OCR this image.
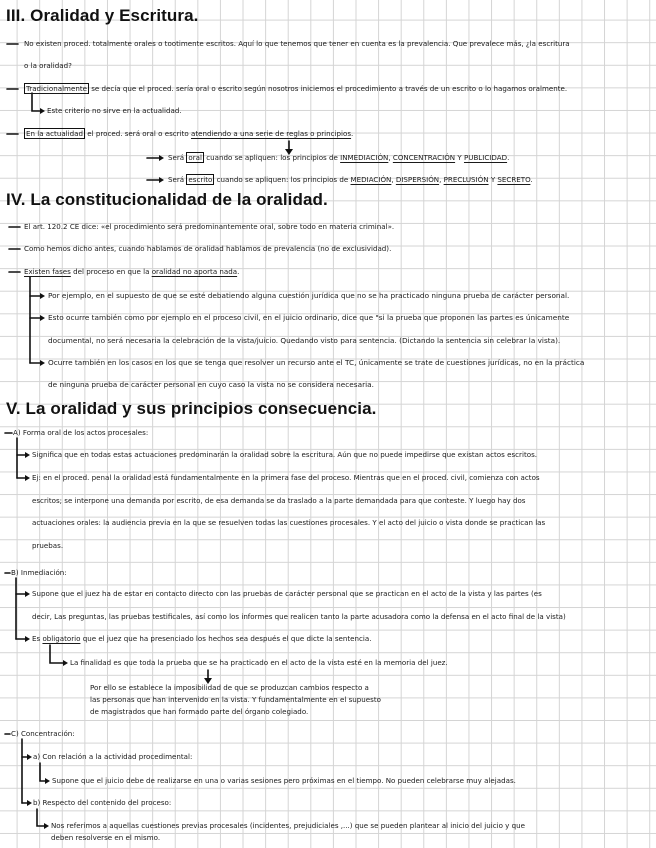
III. Oralidad y Escritura.
No existen proced. totalmente orales o tootimente escritos. Aquí lo que tenemos que tener en cuenta es la prevalencia. Que prevalece más, ¿la escritura
o la oralidad?
Tradicionalmente se decía que el proced. sería oral o escrito según nosotros iniciemos el procedimiento a través de un escrito o lo hagamos oralmente.
Este criterio no sirve en la actualidad.
En la actualidad el proced. será oral o escrito atendiendo a una serie de reglas o principios.
Será oral cuando se apliquen: los principios de INMEDIACIÓN, CONCENTRACIÓN Y PUBLICIDAD.
Será escrito cuando se apliquen: los principios de MEDIACIÓN, DISPERSIÓN, PRECLUSIÓN Y SECRETO.
IV. La constitucionalidad de la oralidad.
El art. 120.2 CE dice: «el procedimiento será predominantemente oral, sobre todo en materia criminal».
Como hemos dicho antes, cuando hablamos de oralidad hablamos de prevalencia (no de exclusividad).
Existen fases del proceso en que la oralidad no aporta nada.
Por ejemplo, en el supuesto de que se esté debatiendo alguna cuestión jurídica que no se ha practicado ninguna prueba de carácter personal.
Esto ocurre también como por ejemplo en el proceso civil, en el juicio ordinario, dice que "si la prueba que proponen las partes es únicamente
documental, no será necesaria la celebración de la vista/juicio. Quedando visto para sentencia. (Dictando la sentencia sin celebrar la vista).
Ocurre también en los casos en los que se tenga que resolver un recurso ante el TC, únicamente se trate de cuestiones jurídicas, no en la práctica
de ninguna prueba de carácter personal en cuyo caso la vista no se considera necesaria.
V. La oralidad y sus principios consecuencia.
A) Forma oral de los actos procesales:
Significa que en todas estas actuaciones predominarán la oralidad sobre la escritura. Aún que no puede impedirse que existan actos escritos.
Ej: en el proced. penal la oralidad está fundamentalmente en la primera fase del proceso. Mientras que en el proced. civil, comienza con actos
escritos; se interpone una demanda por escrito, de esa demanda se da traslado a la parte demandada para que conteste. Y luego hay dos
actuaciones orales: la audiencia previa en la que se resuelven todas las cuestiones procesales. Y el acto del juicio o vista donde se practican las
pruebas.
B) Inmediación:
Supone que el juez ha de estar en contacto directo con las pruebas de carácter personal que se practican en el acto de la vista y las partes (es
decir, Las preguntas, las pruebas testificales, así como los informes que realicen tanto la parte acusadora como la defensa en el acto final de la vista)
Es obligatorio que el juez que ha presenciado los hechos sea después el que dicte la sentencia.
La finalidad es que toda la prueba que se ha practicado en el acto de la vista esté en la memoria del juez.
Por ello se establece la imposibilidad de que se produzcan cambios respecto a
las personas que han intervenido en la vista. Y fundamentalmente en el supuesto
de magistrados que han formado parte del órgano colegiado.
C) Concentración:
a) Con relación a la actividad procedimental:
Supone que el juicio debe de realizarse en una o varias sesiones pero próximas en el tiempo. No pueden celebrarse muy alejadas.
b) Respecto del contenido del proceso:
Nos referimos a aquellas cuestiones previas procesales (incidentes, prejudiciales ,...) que se pueden plantear al inicio del juicio y que
deben resolverse en el mismo.
